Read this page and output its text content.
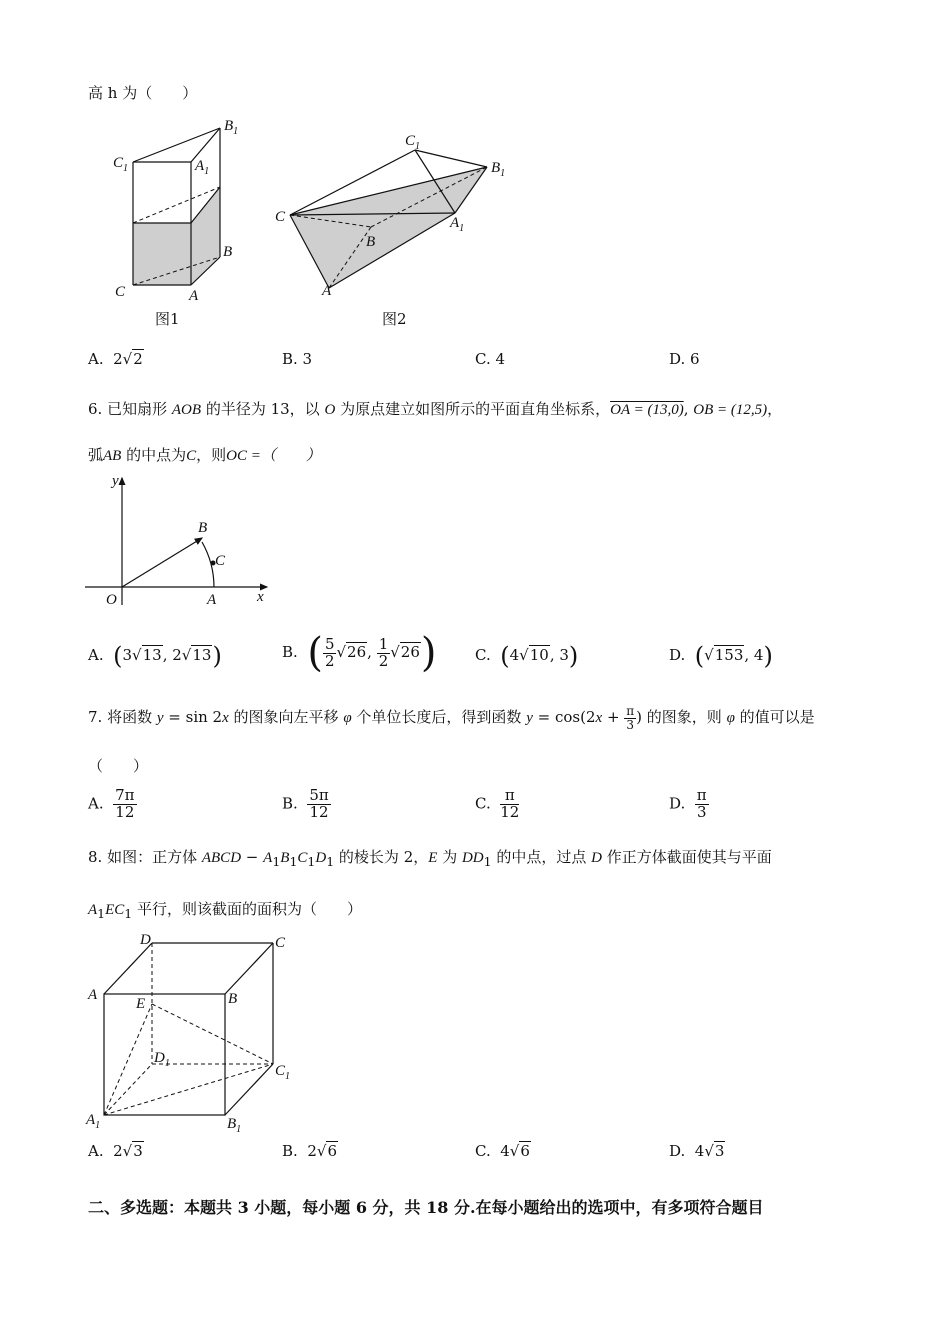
高 h 为（　　）
$C_1$	$A_1$
$B_1$
B
C	A
图1
$C_1$
$B_1$
C	$A_1$
B
A
图2
A.  2√2	B. 3	C. 4	D. 6
6. 已知扇形 AOB 的半径为 13，以 O 为原点建立如图所示的平面直角坐标系，OA = (13,0), OB = (12,5)，
弧AB 的中点为C，则OC =（　　）
y
B
C
O	A	x
A.  (3√13, 2√13)	B.  ( $\frac{5}{2} √26$, $\frac{1}{2} √26$)	C.  (4√10, 3)	D.  (√153, 4)
7. 将函数 y = sin 2x 的图象向左平移 φ 个单位长度后，得到函数 $y = \cos(2x + \frac{\pi}{3}$ ) 的图象，则 φ 的值可以是
（　　）
A. $\frac{7\pi}{12}$	B. $\frac{5\pi}{12}$	C. $\frac{\pi}{12}$	D. $\frac{\pi}{3}$
8. 如图：正方体 ABCD − $A_1B_1C_1D_1$ 的棱长为 2，E 为 $DD_1$ 的中点，过点 D 作正方体截面使其与平面
$A_1EC_1$ 平行，则该截面的面积为（　　）
D	C
A	B
E
$D_1$	$C_1$
$A_1$	$B_1$
A.  2√3	B.  2√6	C.  4√6	D.  4√3
二、多选题：本题共 3 小题，每小题 6 分，共 18 分.在每小题给出的选项中，有多项符合题目
